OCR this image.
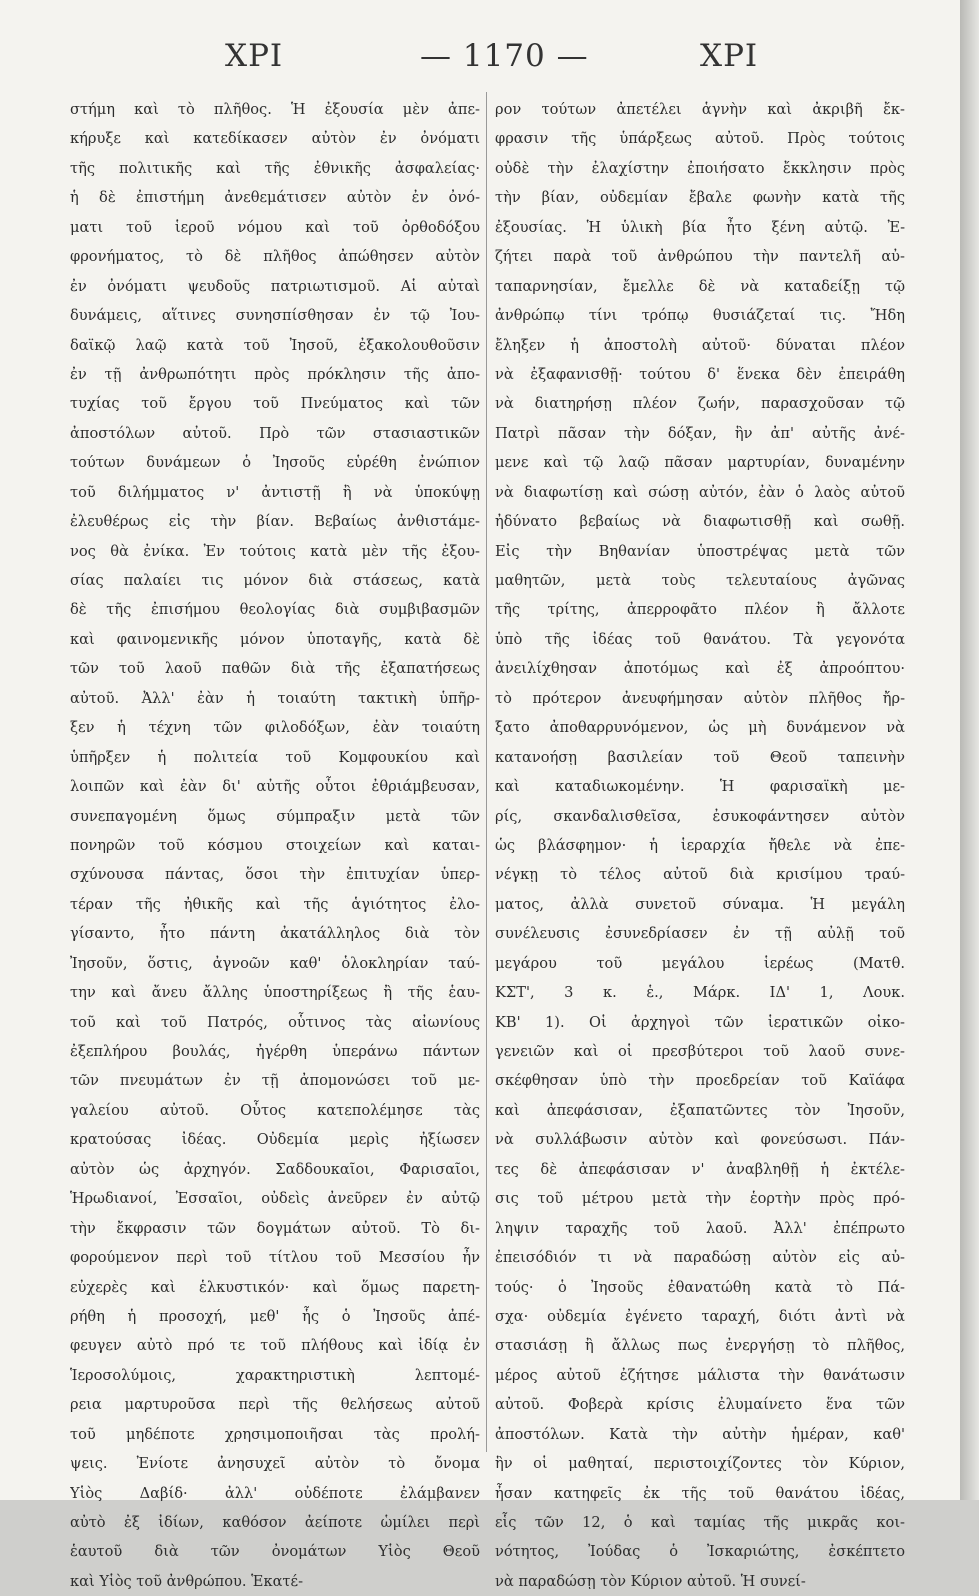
ΧΡΙ	— 1170 —	ΧΡΙ
στήμη καὶ τὸ πλῆθος. Ἡ ἐξουσία μὲν ἀπε-
κήρυξε καὶ κατεδίκασεν αὐτὸν ἐν ὀνόματι
τῆς πολιτικῆς καὶ τῆς ἐθνικῆς ἀσφαλείας·
ἡ δὲ ἐπιστήμη ἀνεθεμάτισεν αὐτὸν ἐν ὀνό-
ματι τοῦ ἱεροῦ νόμου καὶ τοῦ ὀρθοδόξου
φρονήματος, τὸ δὲ πλῆθος ἀπώθησεν αὐτὸν
ἐν ὀνόματι ψευδοῦς πατριωτισμοῦ. Αἱ αὐταὶ
δυνάμεις, αἵτινες συνησπίσθησαν ἐν τῷ Ἰου-
δαϊκῷ λαῷ κατὰ τοῦ Ἰησοῦ, ἐξακολουθοῦσιν
ἐν τῇ ἀνθρωπότητι πρὸς πρόκλησιν τῆς ἀπο-
τυχίας τοῦ ἔργου τοῦ Πνεύματος καὶ τῶν
ἀποστόλων αὐτοῦ. Πρὸ τῶν στασιαστικῶν
τούτων δυνάμεων ὁ Ἰησοῦς εὑρέθη ἐνώπιον
τοῦ διλήμματος ν' ἀντιστῇ ἢ νὰ ὑποκύψῃ
ἐλευθέρως εἰς τὴν βίαν. Βεβαίως ἀνθιστάμε-
νος θὰ ἐνίκα. Ἐν τούτοις κατὰ μὲν τῆς ἐξου-
σίας παλαίει τις μόνον διὰ στάσεως, κατὰ
δὲ τῆς ἐπισήμου θεολογίας διὰ συμβιβασμῶν
καὶ φαινομενικῆς μόνον ὑποταγῆς, κατὰ δὲ
τῶν τοῦ λαοῦ παθῶν διὰ τῆς ἐξαπατήσεως
αὐτοῦ. Ἀλλ' ἐὰν ἡ τοιαύτη τακτικὴ ὑπῆρ-
ξεν ἡ τέχνη τῶν φιλοδόξων, ἐὰν τοιαύτη
ὑπῆρξεν ἡ πολιτεία τοῦ Κομφουκίου καὶ
λοιπῶν καὶ ἐὰν δι' αὐτῆς οὗτοι ἐθριάμβευσαν,
συνεπαγομένη ὅμως σύμπραξιν μετὰ τῶν
πονηρῶν τοῦ κόσμου στοιχείων καὶ καται-
σχύνουσα πάντας, ὅσοι τὴν ἐπιτυχίαν ὑπερ-
τέραν τῆς ἠθικῆς καὶ τῆς ἁγιότητος ἐλο-
γίσαντο, ἦτο πάντη ἀκατάλληλος διὰ τὸν
Ἰησοῦν, ὅστις, ἀγνοῶν καθ' ὁλοκληρίαν ταύ-
την καὶ ἄνευ ἄλλης ὑποστηρίξεως ἢ τῆς ἑαυ-
τοῦ καὶ τοῦ Πατρός, οὗτινος τὰς αἰωνίους
ἐξεπλήρου βουλάς, ἠγέρθη ὑπεράνω πάντων
τῶν πνευμάτων ἐν τῇ ἀπομονώσει τοῦ με-
γαλείου αὐτοῦ. Οὗτος κατεπολέμησε τὰς
κρατούσας ἰδέας. Οὐδεμία μερὶς ἠξίωσεν
αὐτὸν ὡς ἀρχηγόν. Σαδδουκαῖοι, Φαρισαῖοι,
Ἡρωδιανοί, Ἐσσαῖοι, οὐδεὶς ἀνεῦρεν ἐν αὐτῷ
τὴν ἔκφρασιν τῶν δογμάτων αὐτοῦ. Τὸ δι-
φορούμενον περὶ τοῦ τίτλου τοῦ Μεσσίου ἦν
εὐχερὲς καὶ ἑλκυστικόν· καὶ ὅμως παρετη-
ρήθη ἡ προσοχή, μεθ' ἧς ὁ Ἰησοῦς ἀπέ-
φευγεν αὐτὸ πρό τε τοῦ πλήθους καὶ ἰδίᾳ ἐν
Ἱεροσολύμοις, χαρακτηριστικὴ λεπτομέ-
ρεια μαρτυροῦσα περὶ τῆς θελήσεως αὐτοῦ
τοῦ μηδέποτε χρησιμοποιῆσαι τὰς προλή-
ψεις. Ἐνίοτε ἀνησυχεῖ αὐτὸν τὸ ὄνομα
Υἱὸς Δαβίδ· ἀλλ' οὐδέποτε ἐλάμβανεν
αὐτὸ ἐξ ἰδίων, καθόσον ἀείποτε ὡμίλει περὶ
ἑαυτοῦ διὰ τῶν ὀνομάτων Υἱὸς Θεοῦ
καὶ Υἱὸς τοῦ ἀνθρώπου. Ἑκατέ-
ρον τούτων ἀπετέλει ἁγνὴν καὶ ἀκριβῆ ἔκ-
φρασιν τῆς ὑπάρξεως αὐτοῦ. Πρὸς τούτοις
οὐδὲ τὴν ἐλαχίστην ἐποιήσατο ἔκκλησιν πρὸς
τὴν βίαν, οὐδεμίαν ἔβαλε φωνὴν κατὰ τῆς
ἐξουσίας. Ἡ ὑλικὴ βία ἦτο ξένη αὐτῷ. Ἐ-
ζήτει παρὰ τοῦ ἀνθρώπου τὴν παντελῆ αὐ-
ταπαρνησίαν, ἔμελλε δὲ νὰ καταδείξῃ τῷ
ἀνθρώπῳ τίνι τρόπῳ θυσιάζεταί τις. Ἤδη
ἔληξεν ἡ ἀποστολὴ αὐτοῦ· δύναται πλέον
νὰ ἐξαφανισθῇ· τούτου δ' ἕνεκα δὲν ἐπειράθη
νὰ διατηρήσῃ πλέον ζωήν, παρασχοῦσαν τῷ
Πατρὶ πᾶσαν τὴν δόξαν, ἣν ἀπ' αὐτῆς ἀνέ-
μενε καὶ τῷ λαῷ πᾶσαν μαρτυρίαν, δυναμένην
νὰ διαφωτίσῃ καὶ σώσῃ αὐτόν, ἐὰν ὁ λαὸς αὐτοῦ
ἠδύνατο βεβαίως νὰ διαφωτισθῇ καὶ σωθῇ.
Εἰς τὴν Βηθανίαν ὑποστρέψας μετὰ τῶν
μαθητῶν, μετὰ τοὺς τελευταίους ἀγῶνας
τῆς τρίτης, ἀπερροφᾶτο πλέον ἢ ἄλλοτε
ὑπὸ τῆς ἰδέας τοῦ θανάτου. Τὰ γεγονότα
ἀνειλίχθησαν ἀποτόμως καὶ ἐξ ἀπροόπτου·
τὸ πρότερον ἀνευφήμησαν αὐτὸν πλῆθος ἤρ-
ξατο ἀποθαρρυνόμενον, ὡς μὴ δυνάμενον νὰ
κατανοήσῃ βασιλείαν τοῦ Θεοῦ ταπεινὴν
καὶ καταδιωκομένην. Ἡ φαρισαϊκὴ με-
ρίς, σκανδαλισθεῖσα, ἐσυκοφάντησεν αὐτὸν
ὡς βλάσφημον· ἡ ἱεραρχία ἤθελε νὰ ἐπε-
νέγκῃ τὸ τέλος αὐτοῦ διὰ κρισίμου τραύ-
ματος, ἀλλὰ συνετοῦ σύναμα. Ἡ μεγάλη
συνέλευσις ἐσυνεδρίασεν ἐν τῇ αὐλῇ τοῦ
μεγάρου τοῦ μεγάλου ἱερέως (Ματθ.
ΚΣΤ', 3 κ. ἑ., Μάρκ. ΙΔ' 1, Λουκ.
ΚΒ' 1). Οἱ ἀρχηγοὶ τῶν ἱερατικῶν οἰκο-
γενειῶν καὶ οἱ πρεσβύτεροι τοῦ λαοῦ συνε-
σκέφθησαν ὑπὸ τὴν προεδρείαν τοῦ Καϊάφα
καὶ ἀπεφάσισαν, ἐξαπατῶντες τὸν Ἰησοῦν,
νὰ συλλάβωσιν αὐτὸν καὶ φονεύσωσι. Πάν-
τες δὲ ἀπεφάσισαν ν' ἀναβληθῇ ἡ ἐκτέλε-
σις τοῦ μέτρου μετὰ τὴν ἑορτὴν πρὸς πρό-
ληψιν ταραχῆς τοῦ λαοῦ. Ἀλλ' ἐπέπρωτο
ἐπεισόδιόν τι νὰ παραδώσῃ αὐτὸν εἰς αὐ-
τούς· ὁ Ἰησοῦς ἐθανατώθη κατὰ τὸ Πά-
σχα· οὐδεμία ἐγένετο ταραχή, διότι ἀντὶ νὰ
στασιάσῃ ἢ ἄλλως πως ἐνεργήσῃ τὸ πλῆθος,
μέρος αὐτοῦ ἐζήτησε μάλιστα τὴν θανάτωσιν
αὐτοῦ. Φοβερὰ κρίσις ἐλυμαίνετο ἕνα τῶν
ἀποστόλων. Κατὰ τὴν αὐτὴν ἡμέραν, καθ'
ἣν οἱ μαθηταί, περιστοιχίζοντες τὸν Κύριον,
ἦσαν κατηφεῖς ἐκ τῆς τοῦ θανάτου ἰδέας,
εἷς τῶν 12, ὁ καὶ ταμίας τῆς μικρᾶς κοι-
νότητος, Ἰούδας ὁ Ἰσκαριώτης, ἐσκέπτετο
νὰ παραδώσῃ τὸν Κύριον αὐτοῦ. Ἡ συνεί-
